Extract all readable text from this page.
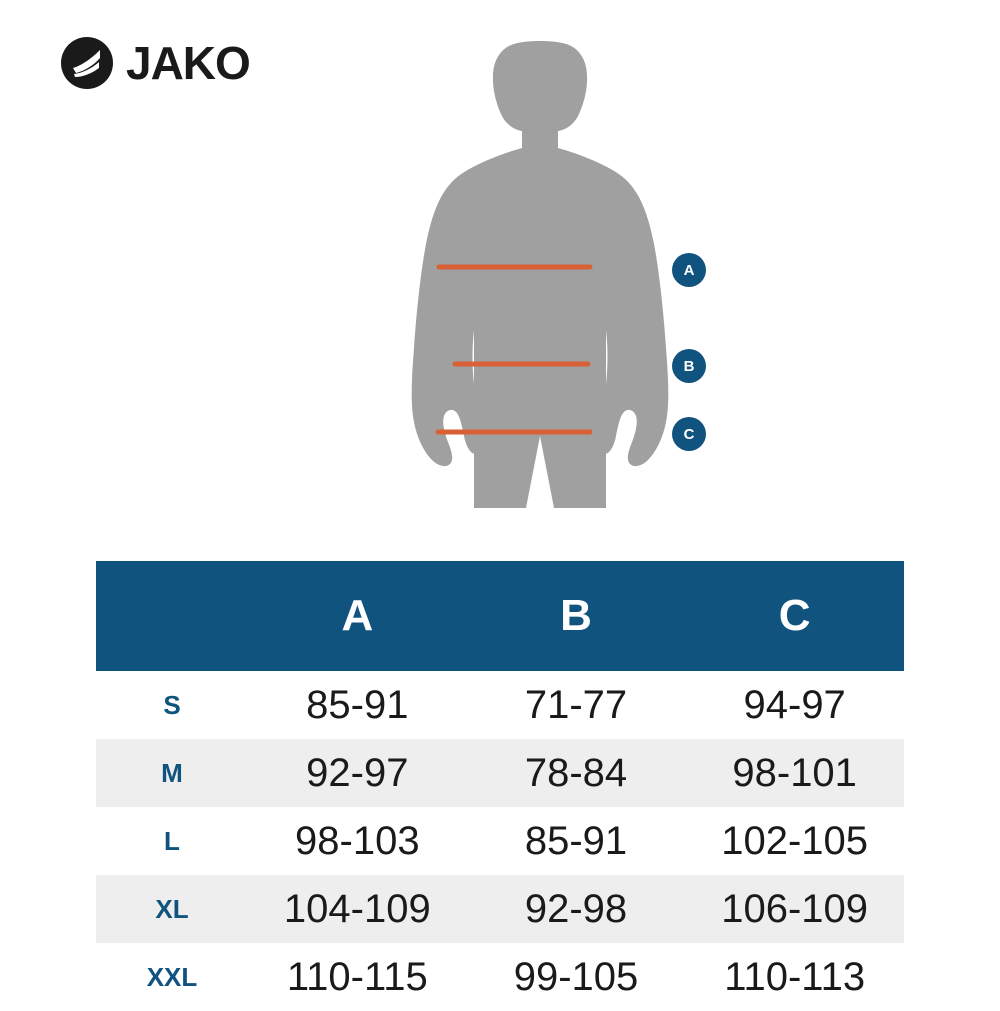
JAKO
A
B
C
	A	B	C
S	85-91	71-77	94-97
M	92-97	78-84	98-101
L	98-103	85-91	102-105
XL	104-109	92-98	106-109
XXL	110-115	99-105	110-113
